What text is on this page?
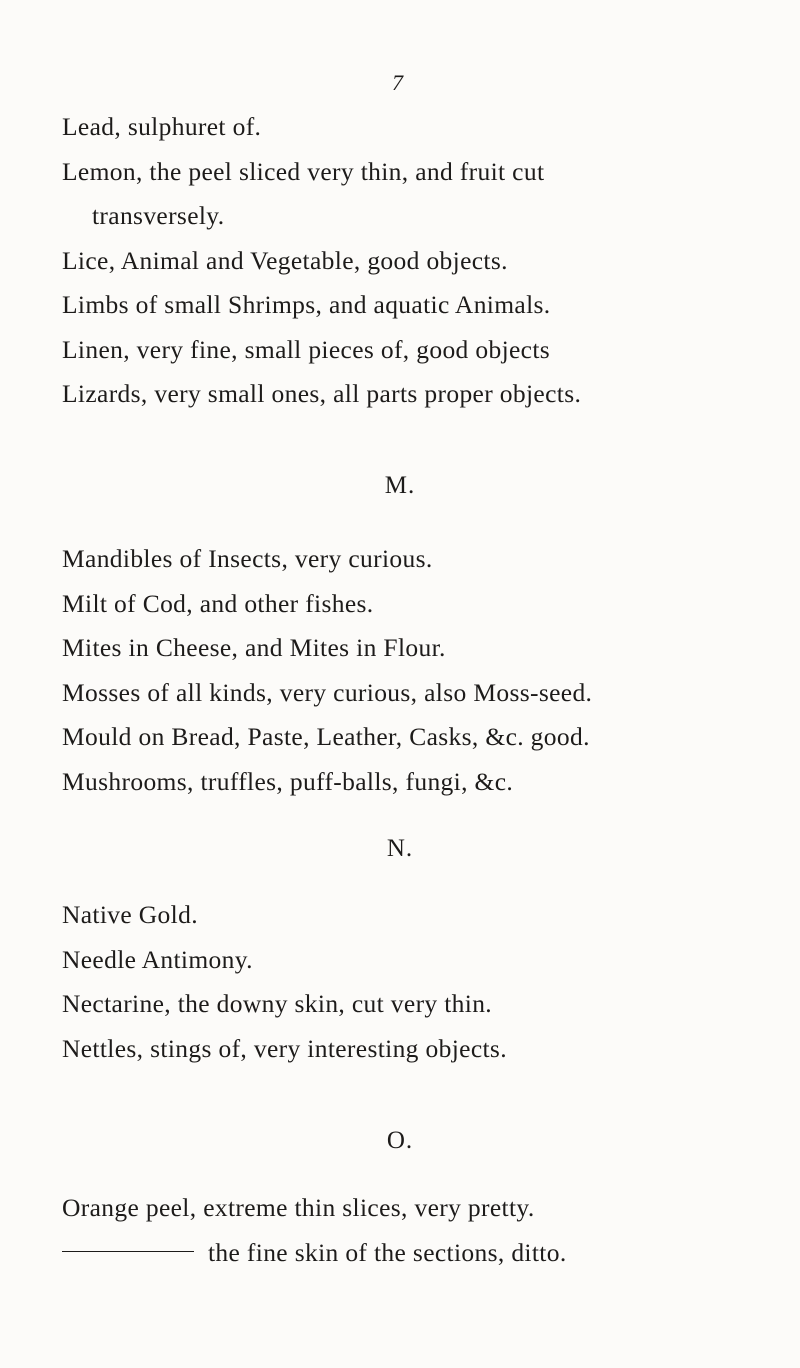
7
Lead, sulphuret of.
Lemon, the peel sliced very thin, and fruit cut
transversely.
Lice, Animal and Vegetable, good objects.
Limbs of small Shrimps, and aquatic Animals.
Linen, very fine, small pieces of, good objects
Lizards, very small ones, all parts proper objects.
M.
Mandibles of Insects, very curious.
Milt of Cod, and other fishes.
Mites in Cheese, and Mites in Flour.
Mosses of all kinds, very curious, also Moss-seed.
Mould on Bread, Paste, Leather, Casks, &c. good.
Mushrooms, truffles, puff-balls, fungi, &c.
N.
Native Gold.
Needle Antimony.
Nectarine, the downy skin, cut very thin.
Nettles, stings of, very interesting objects.
O.
Orange peel, extreme thin slices, very pretty.
the fine skin of the sections, ditto.
